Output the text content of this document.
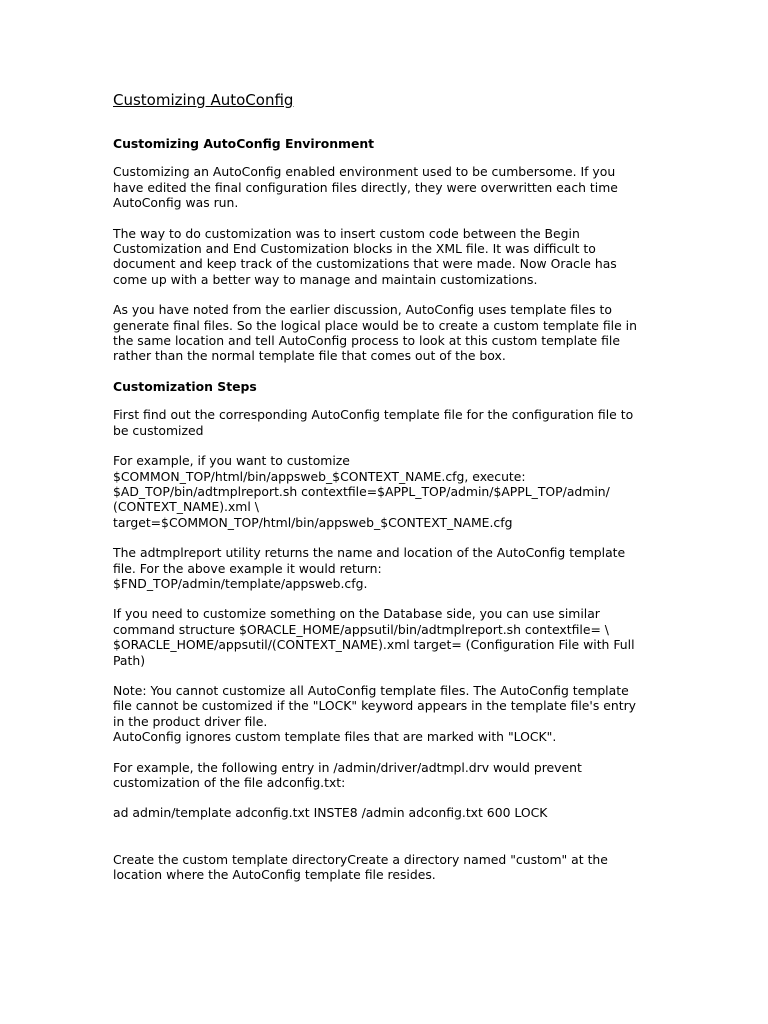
Customizing AutoConfig
Customizing AutoConfig Environment

Customizing an AutoConfig enabled environment used to be cumbersome. If you
have edited the final configuration files directly, they were overwritten each time
AutoConfig was run.

The way to do customization was to insert custom code between the Begin
Customization and End Customization blocks in the XML file. It was difficult to
document and keep track of the customizations that were made. Now Oracle has
come up with a better way to manage and maintain customizations.

As you have noted from the earlier discussion, AutoConfig uses template files to
generate final files. So the logical place would be to create a custom template file in
the same location and tell AutoConfig process to look at this custom template file
rather than the normal template file that comes out of the box.

Customization Steps

First find out the corresponding AutoConfig template file for the configuration file to
be customized

For example, if you want to customize
$COMMON_TOP/html/bin/appsweb_$CONTEXT_NAME.cfg, execute:
$AD_TOP/bin/adtmplreport.sh contextfile=$APPL_TOP/admin/$APPL_TOP/admin/
(CONTEXT_NAME).xml \
target=$COMMON_TOP/html/bin/appsweb_$CONTEXT_NAME.cfg

The adtmplreport utility returns the name and location of the AutoConfig template
file. For the above example it would return:
$FND_TOP/admin/template/appsweb.cfg.

If you need to customize something on the Database side, you can use similar
command structure $ORACLE_HOME/appsutil/bin/adtmplreport.sh contextfile= \
$ORACLE_HOME/appsutil/(CONTEXT_NAME).xml target= (Configuration File with Full
Path)

Note: You cannot customize all AutoConfig template files. The AutoConfig template
file cannot be customized if the "LOCK" keyword appears in the template file's entry
in the product driver file.
AutoConfig ignores custom template files that are marked with "LOCK".

For example, the following entry in /admin/driver/adtmpl.drv would prevent
customization of the file adconfig.txt:

ad admin/template adconfig.txt INSTE8 /admin adconfig.txt 600 LOCK

Create the custom template directoryCreate a directory named "custom" at the
location where the AutoConfig template file resides.
